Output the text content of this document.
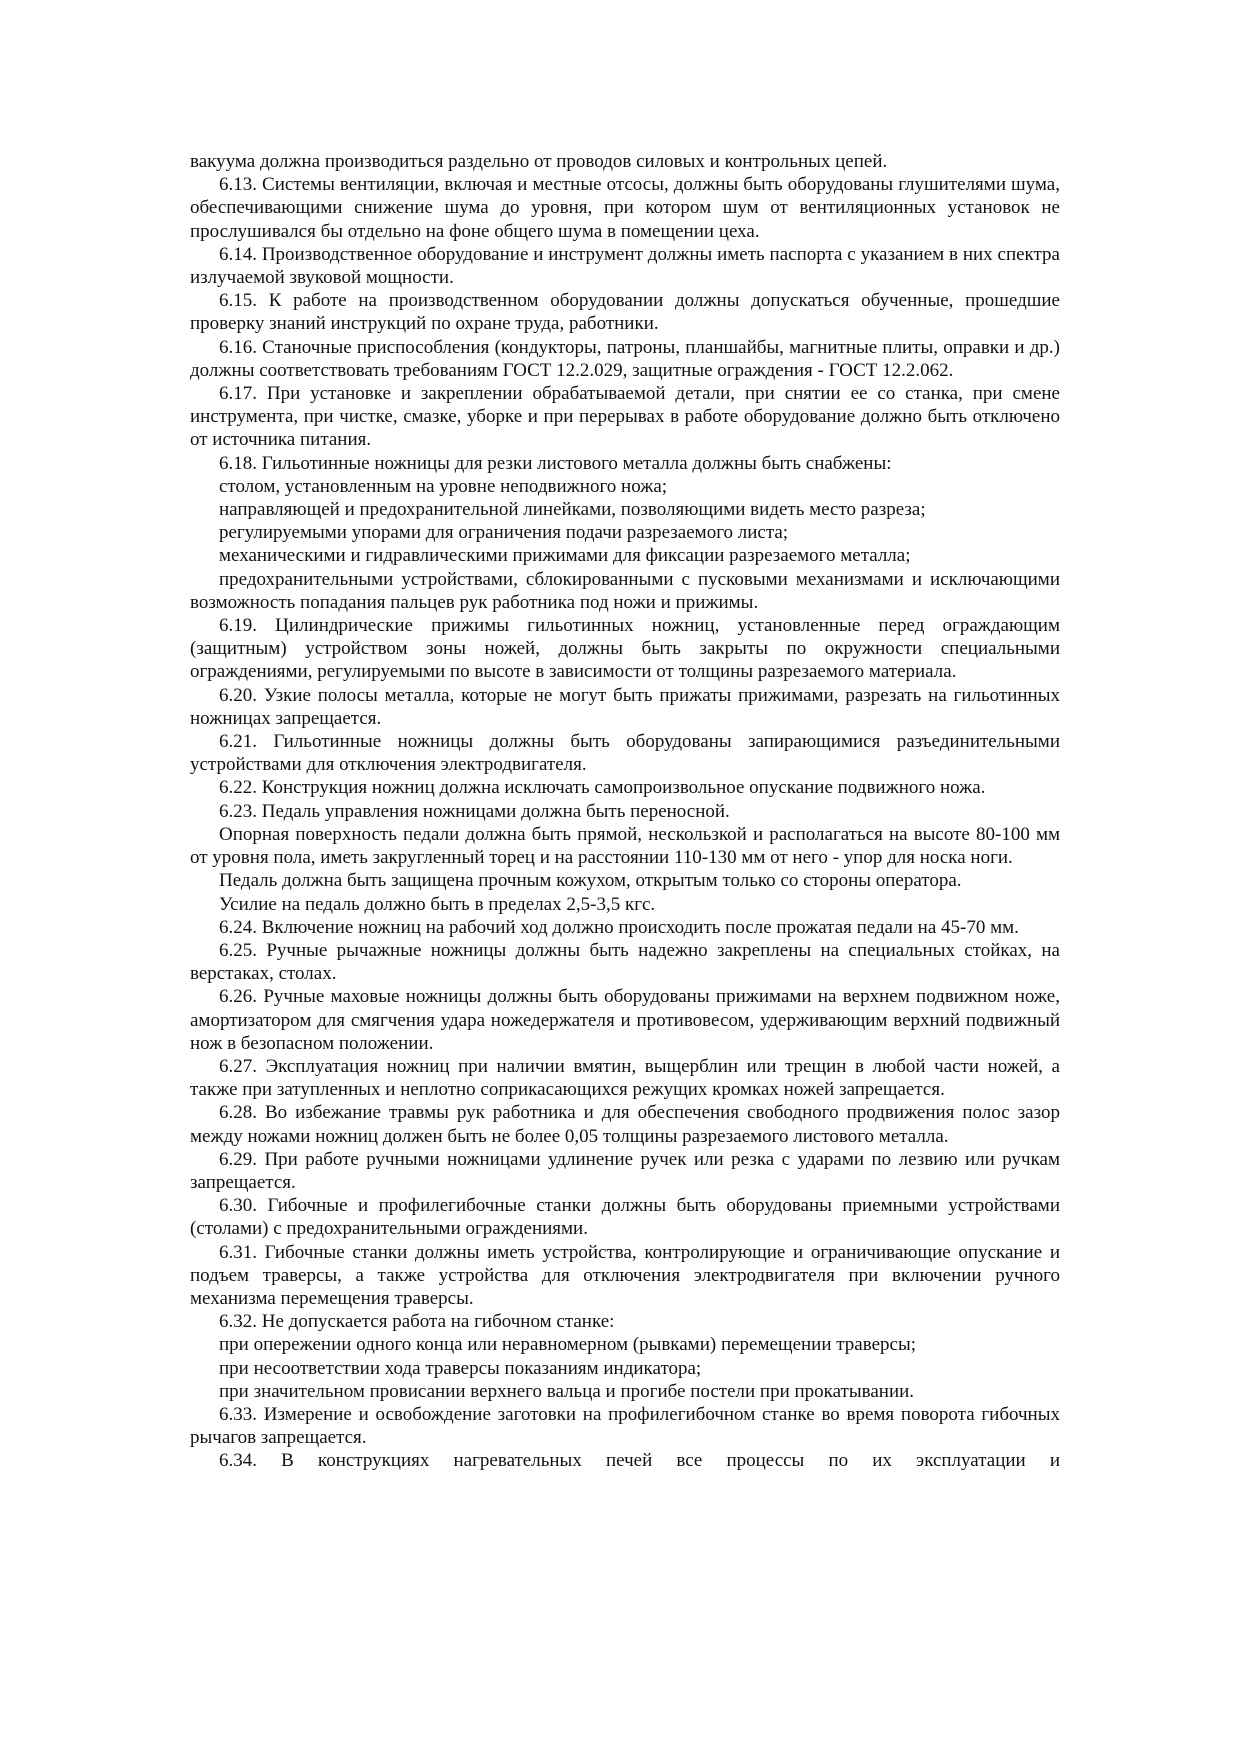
вакуума должна производиться раздельно от проводов силовых и контрольных цепей.

6.13. Системы вентиляции, включая и местные отсосы, должны быть оборудованы глушителями шума, обеспечивающими снижение шума до уровня, при котором шум от вентиляционных установок не прослушивался бы отдельно на фоне общего шума в помещении цеха.

6.14. Производственное оборудование и инструмент должны иметь паспорта с указанием в них спектра излучаемой звуковой мощности.

6.15. К работе на производственном оборудовании должны допускаться обученные, прошедшие проверку знаний инструкций по охране труда, работники.

6.16. Станочные приспособления (кондукторы, патроны, планшайбы, магнитные плиты, оправки и др.) должны соответствовать требованиям ГОСТ 12.2.029, защитные ограждения - ГОСТ 12.2.062.

6.17. При установке и закреплении обрабатываемой детали, при снятии ее со станка, при смене инструмента, при чистке, смазке, уборке и при перерывах в работе оборудование должно быть отключено от источника питания.

6.18. Гильотинные ножницы для резки листового металла должны быть снабжены:

столом, установленным на уровне неподвижного ножа;

направляющей и предохранительной линейками, позволяющими видеть место разреза;

регулируемыми упорами для ограничения подачи разрезаемого листа;

механическими и гидравлическими прижимами для фиксации разрезаемого металла;

предохранительными устройствами, сблокированными с пусковыми механизмами и исключающими возможность попадания пальцев рук работника под ножи и прижимы.

6.19. Цилиндрические прижимы гильотинных ножниц, установленные перед ограждающим (защитным) устройством зоны ножей, должны быть закрыты по окружности специальными ограждениями, регулируемыми по высоте в зависимости от толщины разрезаемого материала.

6.20. Узкие полосы металла, которые не могут быть прижаты прижимами, разрезать на гильотинных ножницах запрещается.

6.21. Гильотинные ножницы должны быть оборудованы запирающимися разъединительными устройствами для отключения электродвигателя.

6.22. Конструкция ножниц должна исключать самопроизвольное опускание подвижного ножа.

6.23. Педаль управления ножницами должна быть переносной.

Опорная поверхность педали должна быть прямой, нескользкой и располагаться на высоте 80-100 мм от уровня пола, иметь закругленный торец и на расстоянии 110-130 мм от него - упор для носка ноги.

Педаль должна быть защищена прочным кожухом, открытым только со стороны оператора.

Усилие на педаль должно быть в пределах 2,5-3,5 кгс.

6.24. Включение ножниц на рабочий ход должно происходить после прожатая педали на 45-70 мм.

6.25. Ручные рычажные ножницы должны быть надежно закреплены на специальных стойках, на верстаках, столах.

6.26. Ручные маховые ножницы должны быть оборудованы прижимами на верхнем подвижном ноже, амортизатором для смягчения удара ножедержателя и противовесом, удерживающим верхний подвижный нож в безопасном положении.

6.27. Эксплуатация ножниц при наличии вмятин, выщерблин или трещин в любой части ножей, а также при затупленных и неплотно соприкасающихся режущих кромках ножей запрещается.

6.28. Во избежание травмы рук работника и для обеспечения свободного продвижения полос зазор между ножами ножниц должен быть не более 0,05 толщины разрезаемого листового металла.

6.29. При работе ручными ножницами удлинение ручек или резка с ударами по лезвию или ручкам запрещается.

6.30. Гибочные и профилегибочные станки должны быть оборудованы приемными устройствами (столами) с предохранительными ограждениями.

6.31. Гибочные станки должны иметь устройства, контролирующие и ограничивающие опускание и подъем траверсы, а также устройства для отключения электродвигателя при включении ручного механизма перемещения траверсы.

6.32. Не допускается работа на гибочном станке:

при опережении одного конца или неравномерном (рывками) перемещении траверсы;

при несоответствии хода траверсы показаниям индикатора;

при значительном провисании верхнего вальца и прогибе постели при прокатывании.

6.33. Измерение и освобождение заготовки на профилегибочном станке во время поворота гибочных рычагов запрещается.

6.34. В конструкциях нагревательных печей все процессы по их эксплуатации и
